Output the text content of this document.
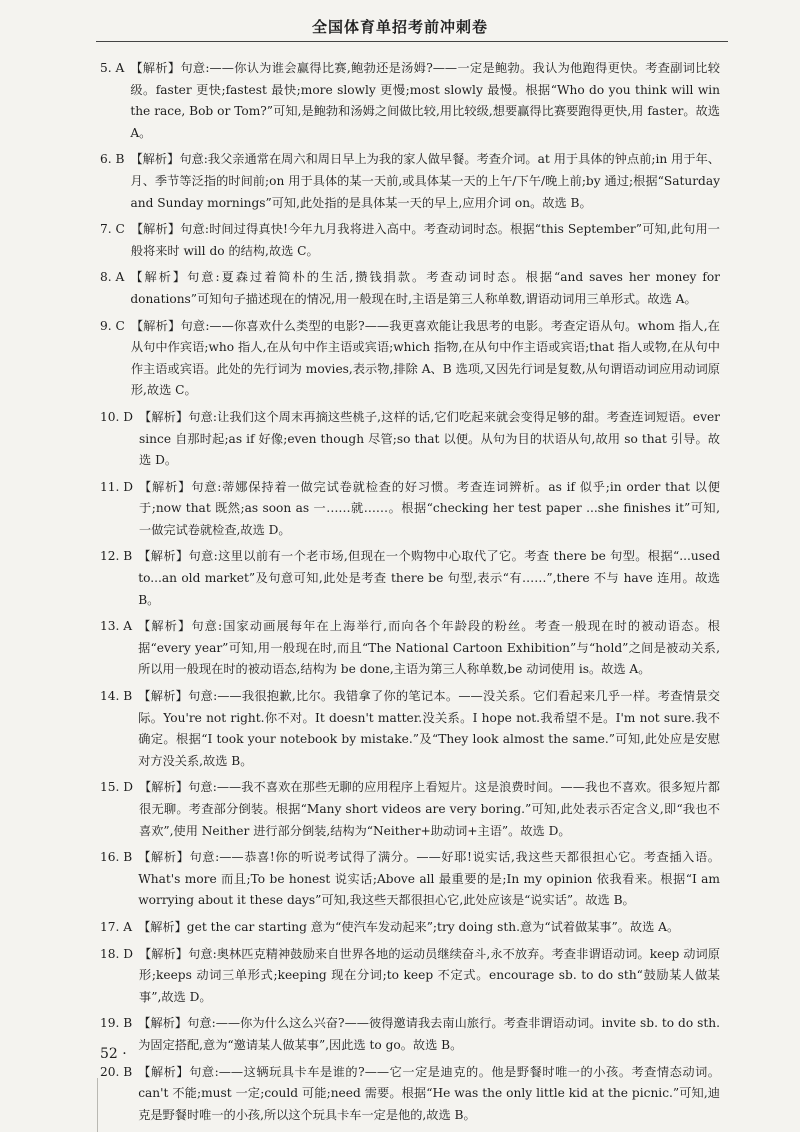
全国体育单招考前冲刺卷
5. A 【解析】句意:——你认为谁会赢得比赛,鲍勃还是汤姆?——一定是鲍勃。我认为他跑得更快。考查副词比较级。faster 更快;fastest 最快;more slowly 更慢;most slowly 最慢。根据“Who do you think will win the race, Bob or Tom?”可知,是鲍勃和汤姆之间做比较,用比较级,想要赢得比赛要跑得更快,用 faster。故选 A。
6. B 【解析】句意:我父亲通常在周六和周日早上为我的家人做早餐。考查介词。at 用于具体的钟点前;in 用于年、月、季节等泛指的时间前;on 用于具体的某一天前,或具体某一天的上午/下午/晚上前;by 通过;根据“Saturday and Sunday mornings”可知,此处指的是具体某一天的早上,应用介词 on。故选 B。
7. C 【解析】句意:时间过得真快!今年九月我将进入高中。考查动词时态。根据“this September”可知,此句用一般将来时 will do 的结构,故选 C。
8. A 【解析】句意:夏森过着简朴的生活,攒钱捐款。考查动词时态。根据“and saves her money for donations”可知句子描述现在的情况,用一般现在时,主语是第三人称单数,谓语动词用三单形式。故选 A。
9. C 【解析】句意:——你喜欢什么类型的电影?——我更喜欢能让我思考的电影。考查定语从句。whom 指人,在从句中作宾语;who 指人,在从句中作主语或宾语;which 指物,在从句中作主语或宾语;that 指人或物,在从句中作主语或宾语。此处的先行词为 movies,表示物,排除 A、B 选项,又因先行词是复数,从句谓语动词应用动词原形,故选 C。
10. D 【解析】句意:让我们这个周末再摘这些桃子,这样的话,它们吃起来就会变得足够的甜。考查连词短语。ever since 自那时起;as if 好像;even though 尽管;so that 以便。从句为目的状语从句,故用 so that 引导。故选 D。
11. D 【解析】句意:蒂娜保持着一做完试卷就检查的好习惯。考查连词辨析。as if 似乎;in order that 以便于;now that 既然;as soon as 一……就……。根据“checking her test paper ...she finishes it”可知,一做完试卷就检查,故选 D。
12. B 【解析】句意:这里以前有一个老市场,但现在一个购物中心取代了它。考查 there be 句型。根据“...used to...an old market”及句意可知,此处是考查 there be 句型,表示“有……”,there 不与 have 连用。故选 B。
13. A 【解析】句意:国家动画展每年在上海举行,而向各个年龄段的粉丝。考查一般现在时的被动语态。根据“every year”可知,用一般现在时,而且“The National Cartoon Exhibition”与“hold”之间是被动关系,所以用一般现在时的被动语态,结构为 be done,主语为第三人称单数,be 动词使用 is。故选 A。
14. B 【解析】句意:——我很抱歉,比尔。我错拿了你的笔记本。——没关系。它们看起来几乎一样。考查情景交际。You're not right.你不对。It doesn't matter.没关系。I hope not.我希望不是。I'm not sure.我不确定。根据“I took your notebook by mistake.”及“They look almost the same.”可知,此处应是安慰对方没关系,故选 B。
15. D 【解析】句意:——我不喜欢在那些无聊的应用程序上看短片。这是浪费时间。——我也不喜欢。很多短片都很无聊。考查部分倒装。根据“Many short videos are very boring.”可知,此处表示否定含义,即“我也不喜欢”,使用 Neither 进行部分倒装,结构为“Neither+助动词+主语”。故选 D。
16. B 【解析】句意:——恭喜!你的听说考试得了满分。——好耶!说实话,我这些天都很担心它。考查插入语。What's more 而且;To be honest 说实话;Above all 最重要的是;In my opinion 依我看来。根据“I am worrying about it these days”可知,我这些天都很担心它,此处应该是“说实话”。故选 B。
17. A 【解析】get the car starting 意为“使汽车发动起来”;try doing sth.意为“试着做某事”。故选 A。
18. D 【解析】句意:奥林匹克精神鼓励来自世界各地的运动员继续奋斗,永不放弃。考查非谓语动词。keep 动词原形;keeps 动词三单形式;keeping 现在分词;to keep 不定式。encourage sb. to do sth“鼓励某人做某事”,故选 D。
19. B 【解析】句意:——你为什么这么兴奋?——彼得邀请我去南山旅行。考查非谓语动词。invite sb. to do sth.为固定搭配,意为“邀请某人做某事”,因此选 to go。故选 B。
20. B 【解析】句意:——这辆玩具卡车是谁的?——它一定是迪克的。他是野餐时唯一的小孩。考查情态动词。can't 不能;must 一定;could 可能;need 需要。根据“He was the only little kid at the picnic.”可知,迪克是野餐时唯一的小孩,所以这个玩具卡车一定是他的,故选 B。
52 ·
